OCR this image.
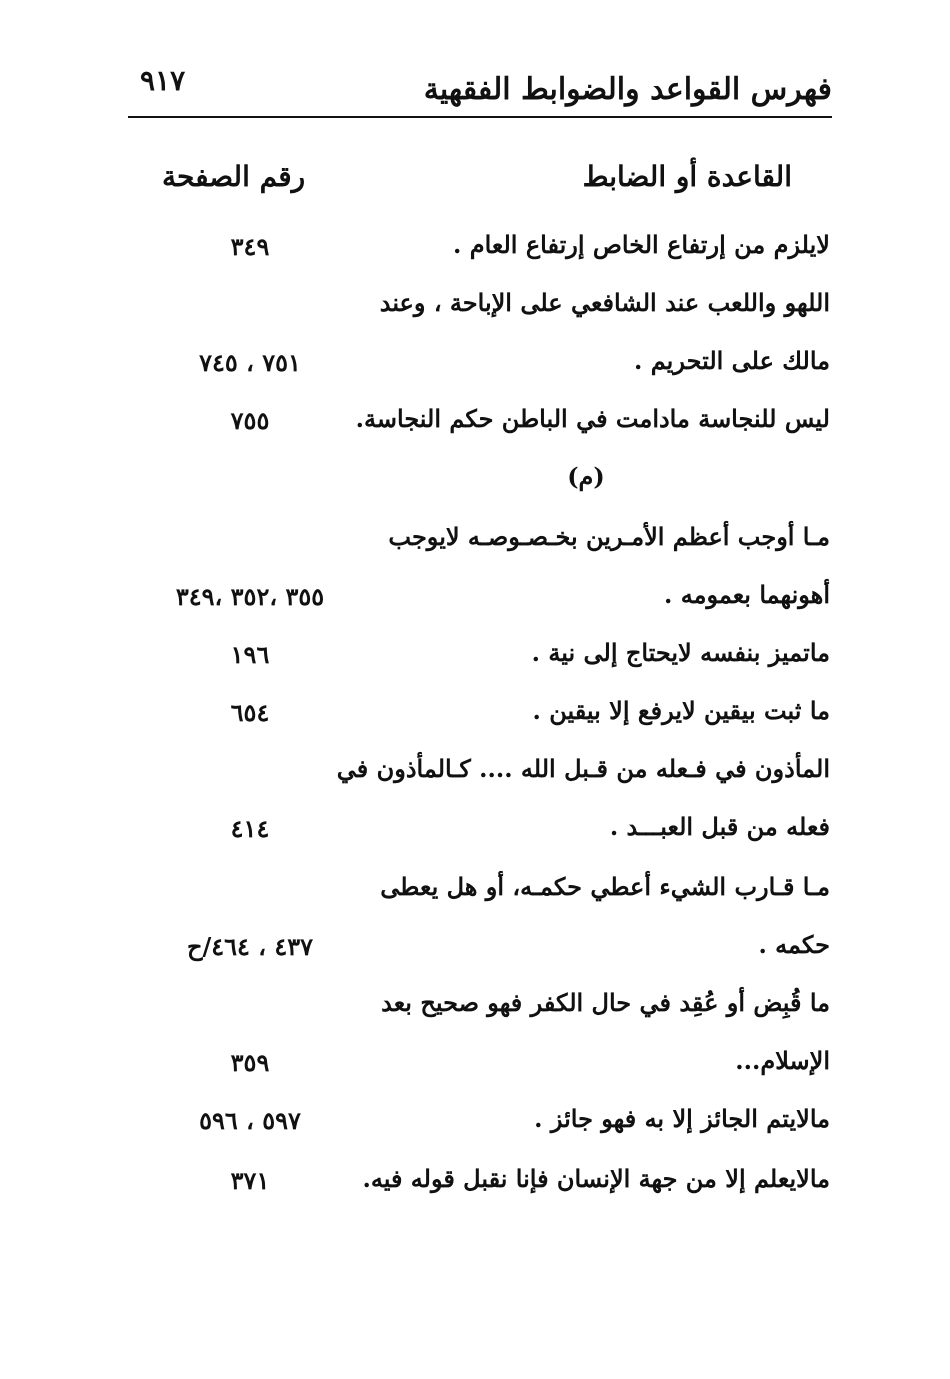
فهرس القواعد والضوابط الفقهية
٩١٧
القاعدة أو الضابط
رقم الصفحة
لايلزم من إرتفاع الخاص إرتفاع العام .
٣٤٩
اللهو واللعب عند الشافعي على الإباحة ، وعند
مالك على التحريم .
٧٥١ ، ٧٤٥
ليس للنجاسة مادامت في الباطن حكم النجاسة.
٧٥٥
(م)
مـا أوجب أعظم الأمـرين بخـصـوصـه لايوجب
أهونهما بعمومه .
٣٥٥ ،٣٥٢ ،٣٤٩
ماتميز بنفسه لايحتاج إلى نية .
١٩٦
ما ثبت بيقين لايرفع إلا بيقين .
٦٥٤
المأذون في فـعله من قـبل الله .... كـالمأذون في
فعله من قبل العبـــد .
٤١٤
مـا قـارب الشيء أعطي حكمـه، أو هل يعطى
حكمه .
٤٣٧ ، ٤٦٤/ح
ما قُبِض أو عُقِد في حال الكفر فهو صحيح بعد
الإسلام...
٣٥٩
مالايتم الجائز إلا به فهو جائز .
٥٩٧ ، ٥٩٦
مالايعلم إلا من جهة الإنسان فإنا نقبل قوله فيه.
٣٧١
